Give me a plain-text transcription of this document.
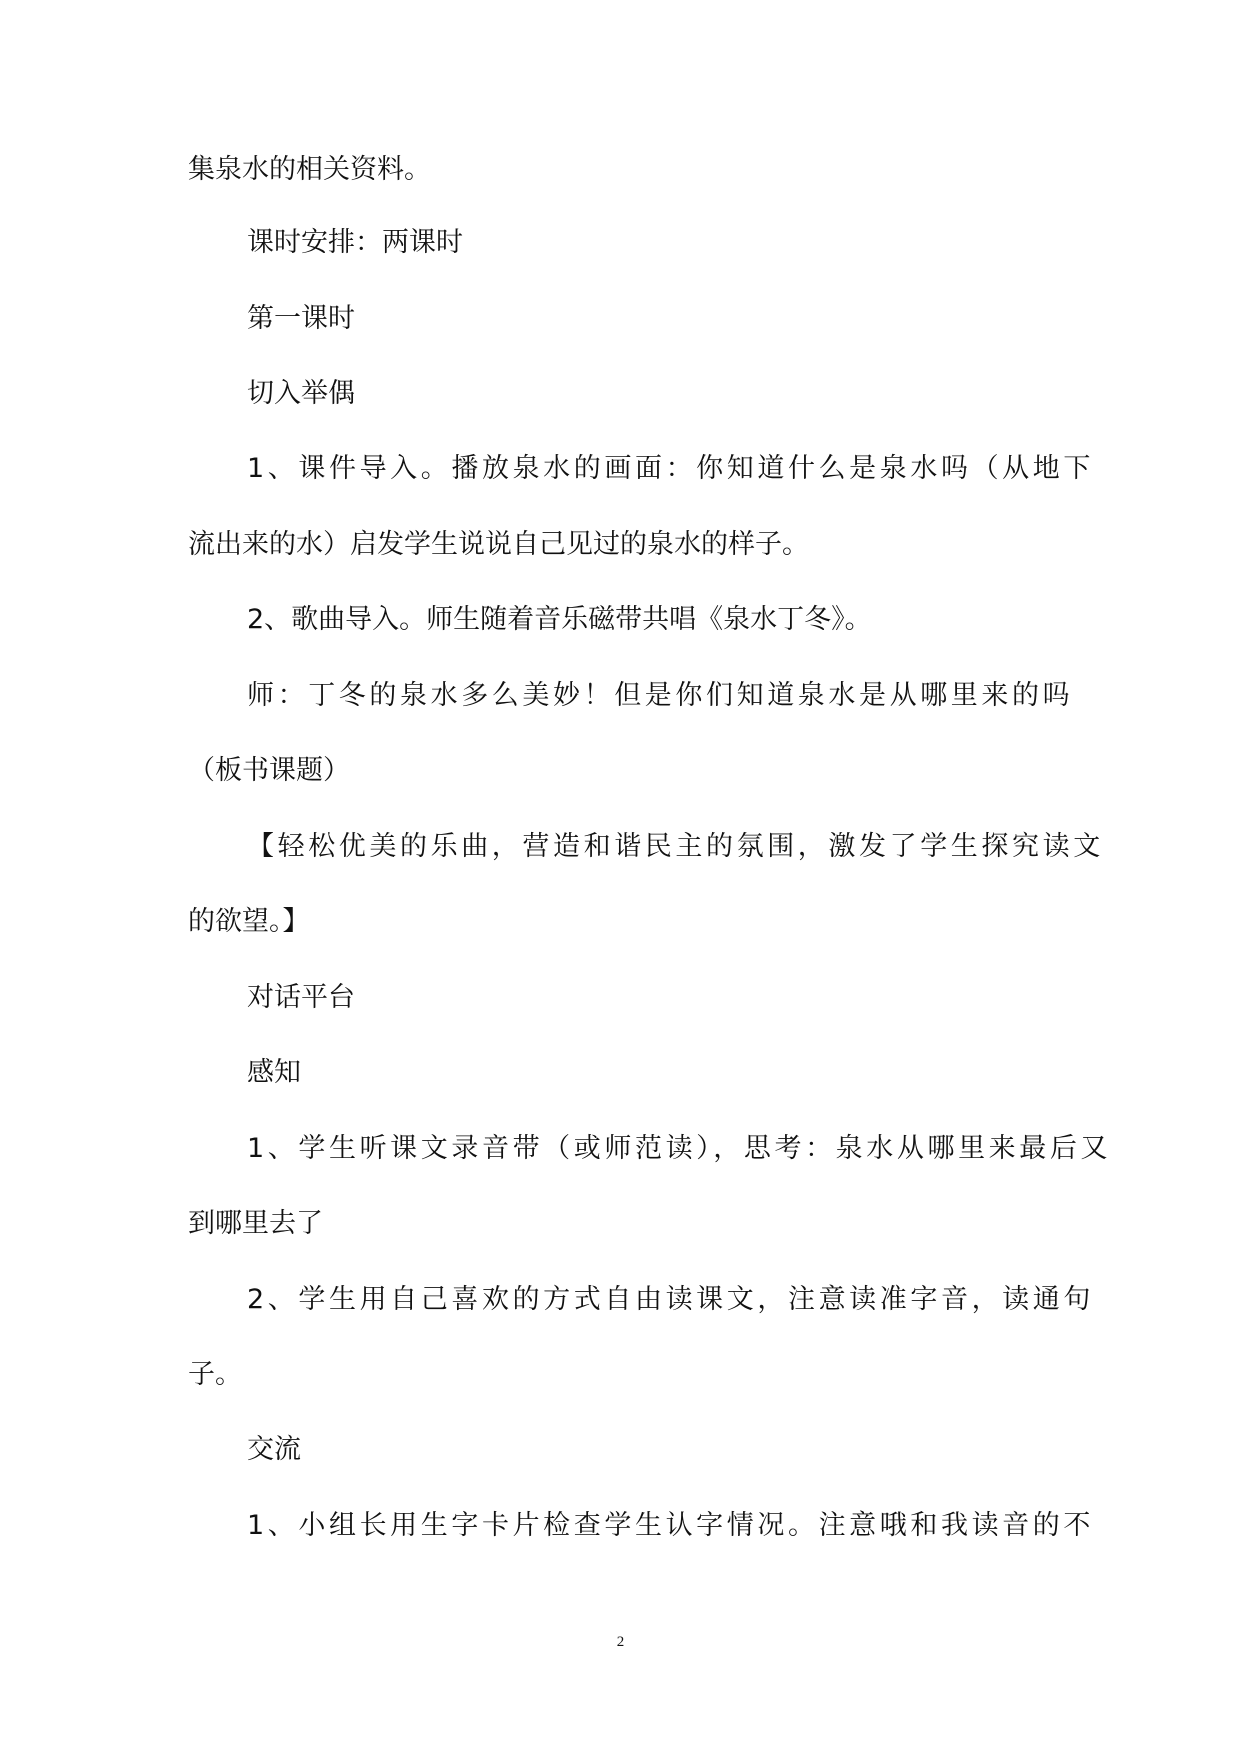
集泉水的相关资料。
课时安排：两课时
第一课时
切入举偶
1、课件导入。播放泉水的画面：你知道什么是泉水吗（从地下
流出来的水）启发学生说说自己见过的泉水的样子。
2、歌曲导入。师生随着音乐磁带共唱《泉水丁冬》。
师：丁冬的泉水多么美妙！但是你们知道泉水是从哪里来的吗
（板书课题）
【轻松优美的乐曲，营造和谐民主的氛围，激发了学生探究读文
的欲望。】
对话平台
感知
1、学生听课文录音带（或师范读），思考：泉水从哪里来最后又
到哪里去了
2、学生用自己喜欢的方式自由读课文，注意读准字音，读通句
子。
交流
1、小组长用生字卡片检查学生认字情况。注意哦和我读音的不
2
